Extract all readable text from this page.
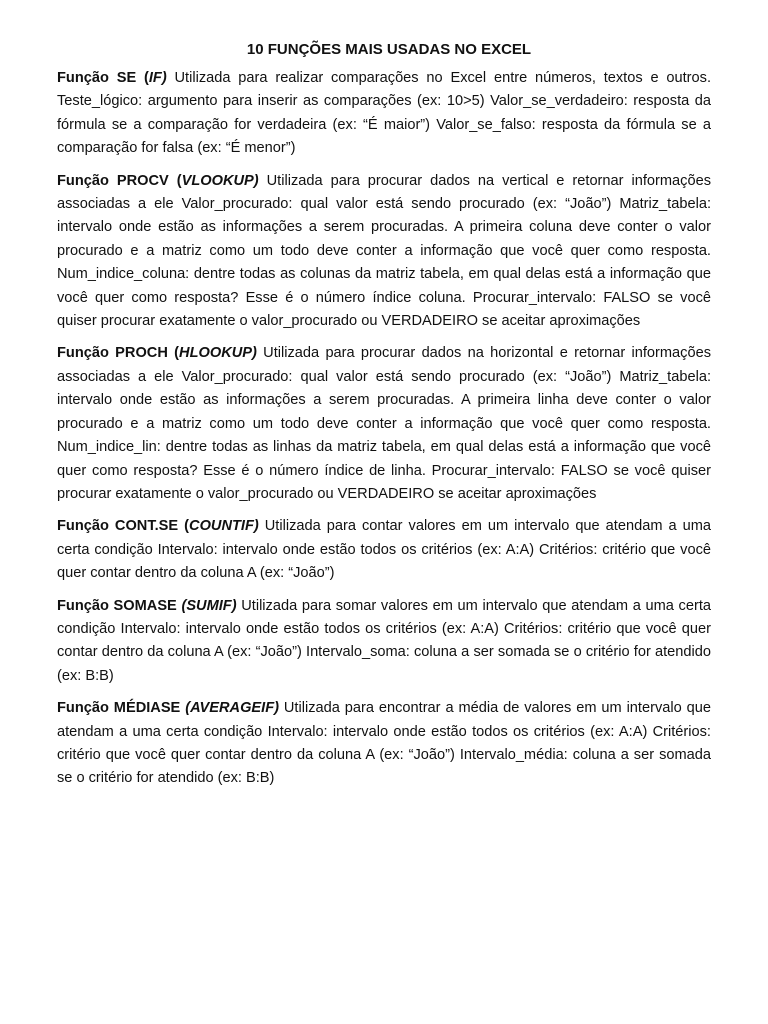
10 FUNÇÕES MAIS USADAS NO EXCEL

Função SE (IF) Utilizada para realizar comparações no Excel entre números, textos e outros. Teste_lógico: argumento para inserir as comparações (ex: 10>5) Valor_se_verdadeiro: resposta da fórmula se a comparação for verdadeira (ex: “É maior”) Valor_se_falso: resposta da fórmula se a comparação for falsa (ex: “É menor”)

Função PROCV (VLOOKUP) Utilizada para procurar dados na vertical e retornar informações associadas a ele Valor_procurado: qual valor está sendo procurado (ex: “João”) Matriz_tabela: intervalo onde estão as informações a serem procuradas. A primeira coluna deve conter o valor procurado e a matriz como um todo deve conter a informação que você quer como resposta. Num_indice_coluna: dentre todas as colunas da matriz tabela, em qual delas está a informação que você quer como resposta? Esse é o número índice coluna. Procurar_intervalo: FALSO se você quiser procurar exatamente o valor_procurado ou VERDADEIRO se aceitar aproximações

Função PROCH (HLOOKUP) Utilizada para procurar dados na horizontal e retornar informações associadas a ele Valor_procurado: qual valor está sendo procurado (ex: “João”) Matriz_tabela: intervalo onde estão as informações a serem procuradas. A primeira linha deve conter o valor procurado e a matriz como um todo deve conter a informação que você quer como resposta. Num_indice_lin: dentre todas as linhas da matriz tabela, em qual delas está a informação que você quer como resposta? Esse é o número índice de linha. Procurar_intervalo: FALSO se você quiser procurar exatamente o valor_procurado ou VERDADEIRO se aceitar aproximações

Função CONT.SE (COUNTIF) Utilizada para contar valores em um intervalo que atendam a uma certa condição Intervalo: intervalo onde estão todos os critérios (ex: A:A) Critérios: critério que você quer contar dentro da coluna A (ex: “João”)

Função SOMASE (SUMIF) Utilizada para somar valores em um intervalo que atendam a uma certa condição Intervalo: intervalo onde estão todos os critérios (ex: A:A) Critérios: critério que você quer contar dentro da coluna A (ex: “João”) Intervalo_soma: coluna a ser somada se o critério for atendido (ex: B:B)

Função MÉDIASE (AVERAGEIF) Utilizada para encontrar a média de valores em um intervalo que atendam a uma certa condição Intervalo: intervalo onde estão todos os critérios (ex: A:A) Critérios: critério que você quer contar dentro da coluna A (ex: “João”) Intervalo_média: coluna a ser somada se o critério for atendido (ex: B:B)
